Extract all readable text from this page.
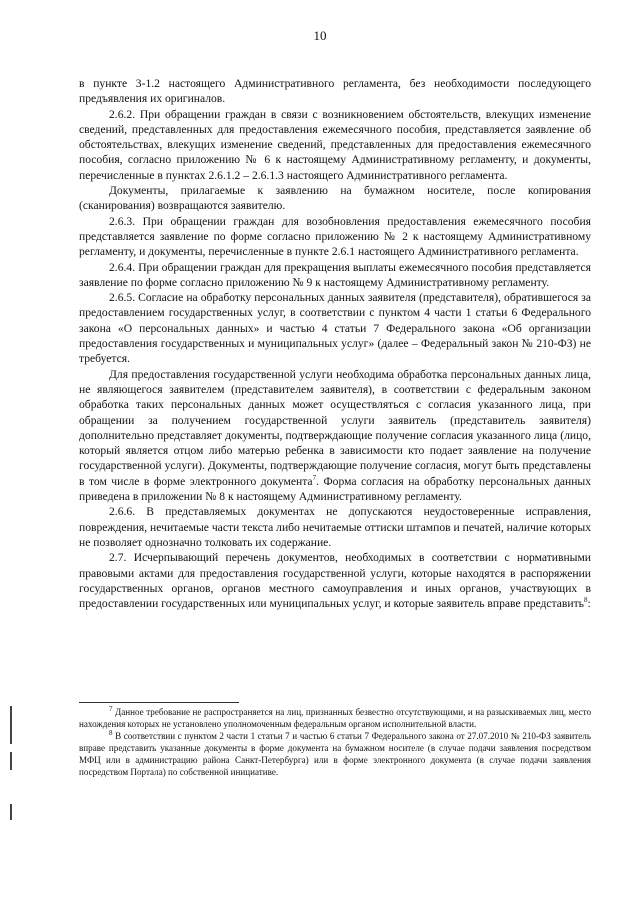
10

в пункте 3-1.2 настоящего Административного регламента, без необходимости последующего предъявления их оригиналов.

2.6.2. При обращении граждан в связи с возникновением обстоятельств, влекущих изменение сведений, представленных для предоставления ежемесячного пособия, представляется заявление об обстоятельствах, влекущих изменение сведений, представленных для предоставления ежемесячного пособия, согласно приложению № 6 к настоящему Административному регламенту, и документы, перечисленные в пунктах 2.6.1.2 – 2.6.1.3 настоящего Административного регламента.

Документы, прилагаемые к заявлению на бумажном носителе, после копирования (сканирования) возвращаются заявителю.

2.6.3. При обращении граждан для возобновления предоставления ежемесячного пособия представляется заявление по форме согласно приложению № 2 к настоящему Административному регламенту, и документы, перечисленные в пункте 2.6.1 настоящего Административного регламента.

2.6.4. При обращении граждан для прекращения выплаты ежемесячного пособия представляется заявление по форме согласно приложению № 9 к настоящему Административному регламенту.

2.6.5. Согласие на обработку персональных данных заявителя (представителя), обратившегося за предоставлением государственных услуг, в соответствии с пунктом 4 части 1 статьи 6 Федерального закона «О персональных данных» и частью 4 статьи 7 Федерального закона «Об организации предоставления государственных и муниципальных услуг» (далее – Федеральный закон № 210-ФЗ) не требуется.

Для предоставления государственной услуги необходима обработка персональных данных лица, не являющегося заявителем (представителем заявителя), в соответствии с федеральным законом обработка таких персональных данных может осуществляться с согласия указанного лица, при обращении за получением государственной услуги заявитель (представитель заявителя) дополнительно представляет документы, подтверждающие получение согласия указанного лица (лицо, который является отцом либо матерью ребенка в зависимости кто подает заявление на получение государственной услуги). Документы, подтверждающие получение согласия, могут быть представлены в том числе в форме электронного документа$^7$. Форма согласия на обработку персональных данных приведена в приложении № 8 к настоящему Административному регламенту.

2.6.6. В представляемых документах не допускаются неудостоверенные исправления, повреждения, нечитаемые части текста либо нечитаемые оттиски штампов и печатей, наличие которых не позволяет однозначно толковать их содержание.

2.7. Исчерпывающий перечень документов, необходимых в соответствии с нормативными правовыми актами для предоставления государственной услуги, которые находятся в распоряжении государственных органов, органов местного самоуправления и иных органов, участвующих в предоставлении государственных или муниципальных услуг, и которые заявитель вправе представить$^8$:

$^7$ Данное требование не распространяется на лиц, признанных безвестно отсутствующими, и на разыскиваемых лиц, место нахождения которых не установлено уполномоченным федеральным органом исполнительной власти.

$^8$ В соответствии с пунктом 2 части 1 статьи 7 и частью 6 статьи 7 Федерального закона от 27.07.2010 № 210-ФЗ заявитель вправе представить указанные документы в форме документа на бумажном носителе (в случае подачи заявления посредством МФЦ или в администрацию района Санкт-Петербурга) или в форме электронного документа (в случае подачи заявления посредством Портала) по собственной инициативе.
